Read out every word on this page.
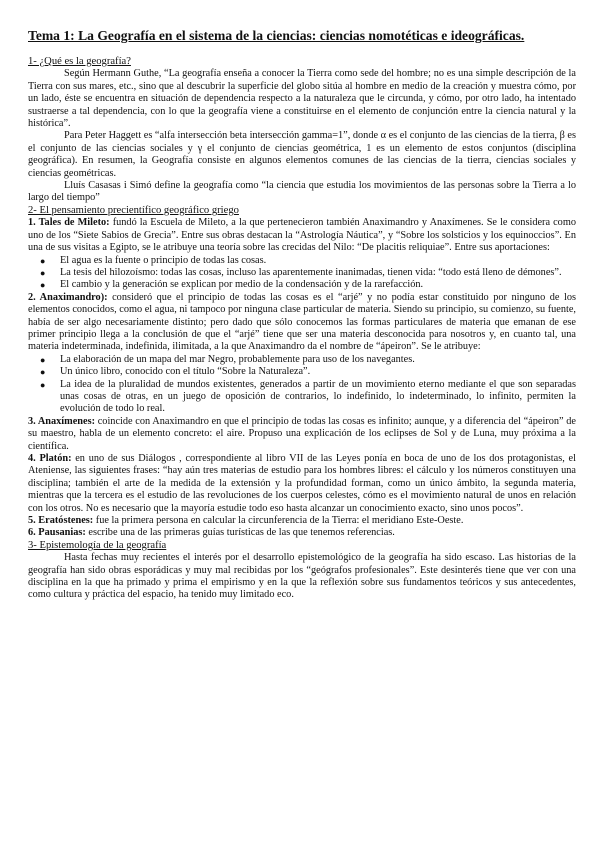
Tema 1: La Geografía en el sistema de la ciencias: ciencias nomotéticas e ideográficas.
1- ¿Qué es la geografía?

Según Hermann Guthe, “La geografía enseña a conocer la Tierra como sede del hombre; no es una simple descripción de la Tierra con sus mares, etc., sino que al descubrir la superficie del globo sitúa al hombre en medio de la creación y muestra cómo, por un lado, éste se encuentra en situación de dependencia respecto a la naturaleza que le circunda, y cómo, por otro lado, ha intentado sustraerse a tal dependencia, con lo que la geografía viene a constituirse en el elemento de conjunción entre la ciencia natural y la histórica”.

Para Peter Haggett es “alfa intersección beta intersección gamma=1”, donde α es el conjunto de las ciencias de la tierra, β es el conjunto de las ciencias sociales y γ el conjunto de ciencias geométrica, 1 es un elemento de estos conjuntos (disciplina geográfica). En resumen, la Geografía consiste en algunos elementos comunes de las ciencias de la tierra, ciencias sociales y ciencias geométricas.

Lluís Casasas i Simó define la geografía como “la ciencia que estudia los movimientos de las personas sobre la Tierra a lo largo del tiempo”

2- El pensamiento precientífico geográfico griego

1. Tales de Mileto: fundó la Escuela de Mileto, a la que pertenecieron también Anaximandro y Anaxímenes. Se le considera como uno de los “Siete Sabios de Grecia”. Entre sus obras destacan la “Astrología Náutica”, y “Sobre los solsticios y los equinoccios”. En una de sus visitas a Egipto, se le atribuye una teoría sobre las crecidas del Nilo: “De placitis reliquiae”. Entre sus aportaciones:

● El agua es la fuente o principio de todas las cosas.
● La tesis del hilozoísmo: todas las cosas, incluso las aparentemente inanimadas, tienen vida: “todo está lleno de démones”.
● El cambio y la generación se explican por medio de la condensación y de la rarefacción.

2. Anaximandro): consideró que el principio de todas las cosas es el “arjé” y no podía estar constituido por ninguno de los elementos conocidos, como el agua, ni tampoco por ninguna clase particular de materia. Siendo su principio, su comienzo, su fuente, había de ser algo necesariamente distinto; pero dado que sólo conocemos las formas particulares de materia que emanan de ese primer principio llega a la conclusión de que el “arjé” tiene que ser una materia desconocida para nosotros y, en cuanto tal, una materia indeterminada, indefinida, ilimitada, a la que Anaximandro da el nombre de “ápeiron”. Se le atribuye:

● La elaboración de un mapa del mar Negro, probablemente para uso de los navegantes.
● Un único libro, conocido con el título “Sobre la Naturaleza”.
● La idea de la pluralidad de mundos existentes, generados a partir de un movimiento eterno mediante el que son separadas unas cosas de otras, en un juego de oposición de contrarios, lo indefinido, lo indeterminado, lo infinito, permiten la evolución de todo lo real.

3. Anaxímenes: coincide con Anaximandro en que el principio de todas las cosas es infinito; aunque, y a diferencia del “ápeiron” de su maestro, habla de un elemento concreto: el aire. Propuso una explicación de los eclipses de Sol y de Luna, muy próxima a la científica.

4. Platón: en uno de sus Diálogos , correspondiente al libro VII de las Leyes ponía en boca de uno de los dos protagonistas, el Ateniense, las siguientes frases: “hay aún tres materias de estudio para los hombres libres: el cálculo y los números constituyen una disciplina; también el arte de la medida de la extensión y la profundidad forman, como un único ámbito, la segunda materia, mientras que la tercera es el estudio de las revoluciones de los cuerpos celestes, cómo es el movimiento natural de unos en relación con los otros. No es necesario que la mayoría estudie todo eso hasta alcanzar un conocimiento exacto, sino unos pocos”.

5. Eratóstenes: fue la primera persona en calcular la circunferencia de la Tierra: el meridiano Este-Oeste.

6. Pausanias: escribe una de las primeras guías turísticas de las que tenemos referencias.

3- Epistemología de la geografía

Hasta fechas muy recientes el interés por el desarrollo epistemológico de la geografía ha sido escaso. Las historias de la geografía han sido obras esporádicas y muy mal recibidas por los “geógrafos profesionales”. Este desinterés tiene que ver con una disciplina en la que ha primado y prima el empirismo y en la que la reflexión sobre sus fundamentos teóricos y sus antecedentes, como cultura y práctica del espacio, ha tenido muy limitado eco.
